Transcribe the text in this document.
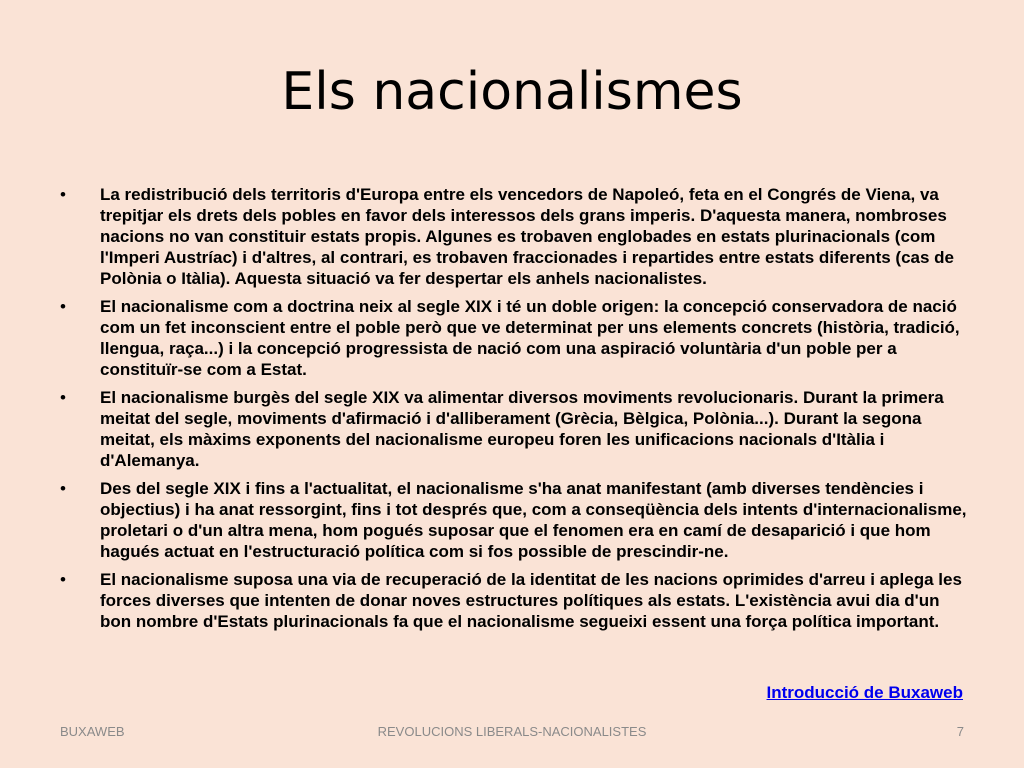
Els nacionalismes
• La redistribució dels territoris d'Europa entre els vencedors de Napoleó, feta en el Congrés de Viena, va trepitjar els drets dels pobles en favor dels interessos dels grans imperis. D'aquesta manera, nombroses nacions no van constituir estats propis. Algunes es trobaven englobades en estats plurinacionals (com l'Imperi Austríac) i d'altres, al contrari, es trobaven fraccionades i repartides entre estats diferents (cas de Polònia o Itàlia). Aquesta situació va fer despertar els anhels nacionalistes.
• El nacionalisme com a doctrina neix al segle XIX i té un doble origen: la concepció conservadora de nació com un fet inconscient entre el poble però que ve determinat per uns elements concrets (història, tradició, llengua, raça...) i la concepció progressista de nació com una aspiració voluntària d'un poble per a constituïr-se com a Estat.
• El nacionalisme burgès del segle XIX va alimentar diversos moviments revolucionaris. Durant la primera meitat del segle, moviments d'afirmació i d'alliberament (Grècia, Bèlgica, Polònia...). Durant la segona meitat, els màxims exponents del nacionalisme europeu foren les unificacions nacionals d'Itàlia i d'Alemanya.
• Des del segle XIX i fins a l'actualitat, el nacionalisme s'ha anat manifestant (amb diverses tendències i objectius) i ha anat ressorgint, fins i tot després que, com a conseqüència dels intents d'internacionalisme, proletari o d'un altra mena, hom pogués suposar que el fenomen era en camí de desaparició i que hom hagués actuat en l'estructuració política com si fos possible de prescindir-ne.
• El nacionalisme suposa una via de recuperació de la identitat de les nacions oprimides d'arreu i aplega les forces diverses que intenten de donar noves estructures polítiques als estats. L'existència avui dia d'un bon nombre d'Estats plurinacionals fa que el nacionalisme segueixi essent una força política important.
Introducció de Buxaweb
BUXAWEB	REVOLUCIONS LIBERALS-NACIONALISTES	7
